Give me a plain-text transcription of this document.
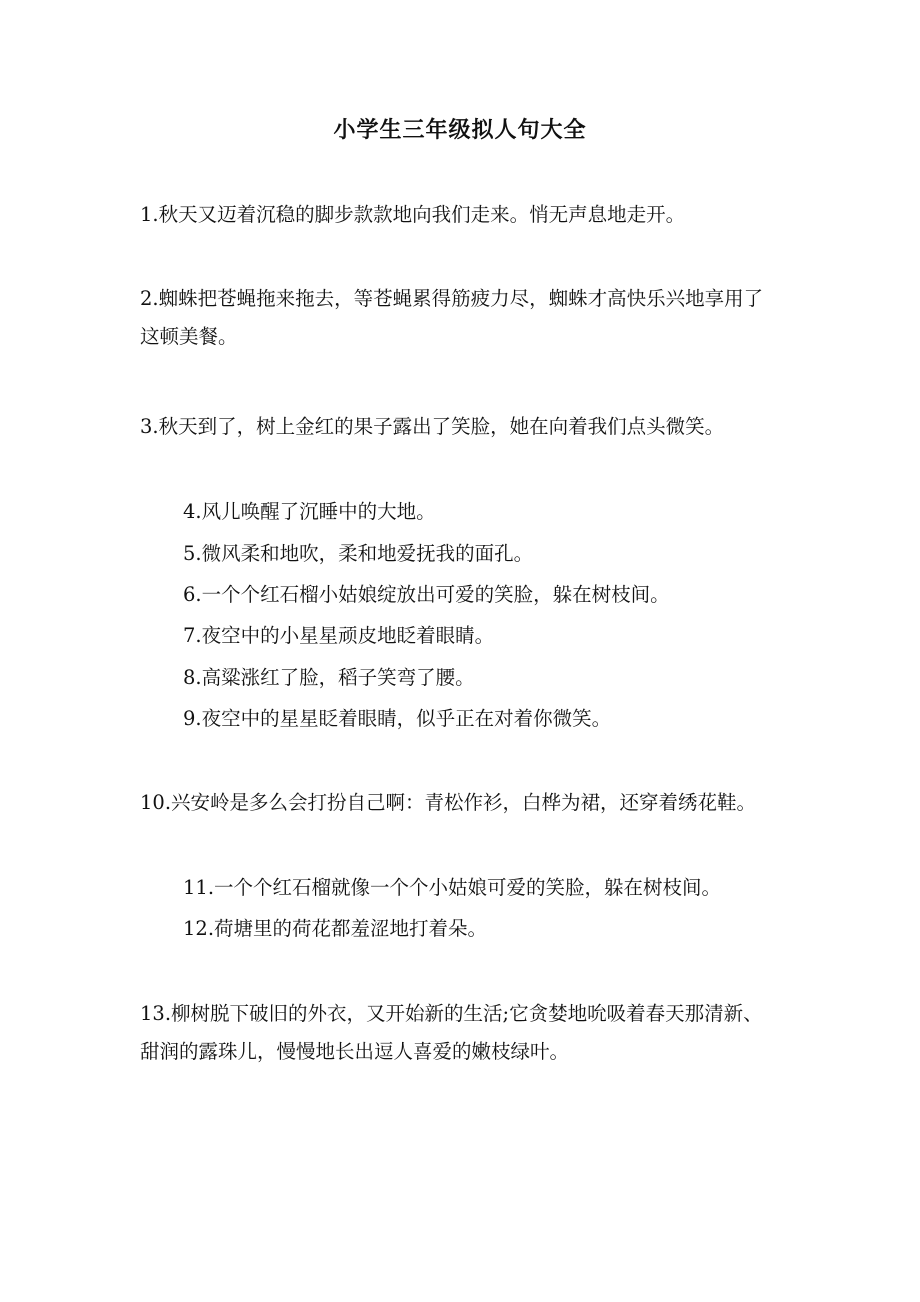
小学生三年级拟人句大全
1.秋天又迈着沉稳的脚步款款地向我们走来。悄无声息地走开。
2.蜘蛛把苍蝇拖来拖去，等苍蝇累得筋疲力尽，蜘蛛才高快乐兴地享用了这顿美餐。
3.秋天到了，树上金红的果子露出了笑脸，她在向着我们点头微笑。
4.风儿唤醒了沉睡中的大地。
5.微风柔和地吹，柔和地爱抚我的面孔。
6.一个个红石榴小姑娘绽放出可爱的笑脸，躲在树枝间。
7.夜空中的小星星顽皮地眨着眼睛。
8.高粱涨红了脸，稻子笑弯了腰。
9.夜空中的星星眨着眼睛，似乎正在对着你微笑。
10.兴安岭是多么会打扮自己啊：青松作衫，白桦为裙，还穿着绣花鞋。
11.一个个红石榴就像一个个小姑娘可爱的笑脸，躲在树枝间。
12.荷塘里的荷花都羞涩地打着朵。
13.柳树脱下破旧的外衣，又开始新的生活;它贪婪地吮吸着春天那清新、 甜润的露珠儿，慢慢地长出逗人喜爱的嫩枝绿叶。
